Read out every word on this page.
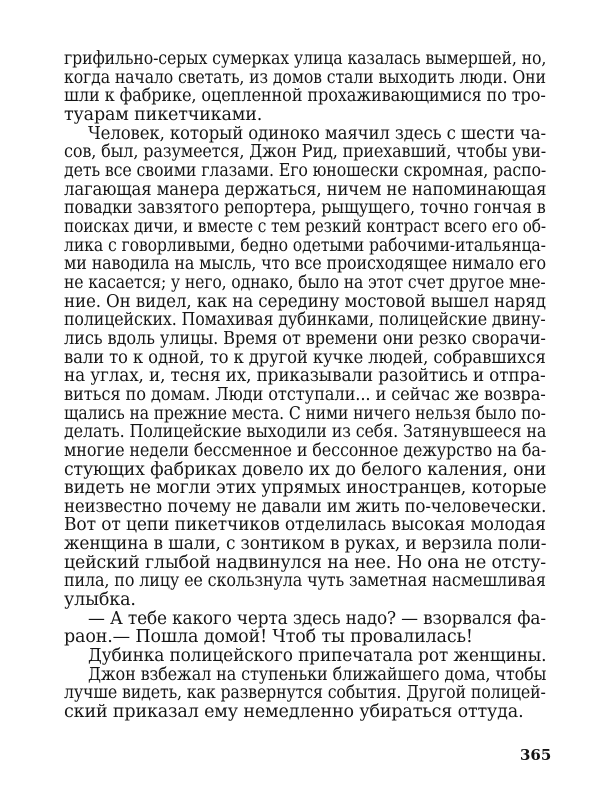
грифильно-серых сумерках улица казалась вымершей, но,
когда начало светать, из домов стали выходить люди. Они
шли к фабрике, оцепленной прохаживающимися по тро-
туарам пикетчиками.
Человек, который одиноко маячил здесь с шести ча-
сов, был, разумеется, Джон Рид, приехавший, чтобы уви-
деть все своими глазами. Его юношески скромная, распо-
лагающая манера держаться, ничем не напоминающая
повадки завзятого репортера, рыщущего, точно гончая в
поисках дичи, и вместе с тем резкий контраст всего его об-
лика с говорливыми, бедно одетыми рабочими-итальянца-
ми наводила на мысль, что все происходящее нимало его
не касается; у него, однако, было на этот счет другое мне-
ние. Он видел, как на середину мостовой вышел наряд
полицейских. Помахивая дубинками, полицейские двину-
лись вдоль улицы. Время от времени они резко сворачи-
вали то к одной, то к другой кучке людей, собравшихся
на углах, и, тесня их, приказывали разойтись и отпра-
виться по домам. Люди отступали... и сейчас же возвра-
щались на прежние места. С ними ничего нельзя было по-
делать. Полицейские выходили из себя. Затянувшееся на
многие недели бессменное и бессонное дежурство на ба-
стующих фабриках довело их до белого каления, они
видеть не могли этих упрямых иностранцев, которые
неизвестно почему не давали им жить по-человечески.
Вот от цепи пикетчиков отделилась высокая молодая
женщина в шали, с зонтиком в руках, и верзила поли-
цейский глыбой надвинулся на нее. Но она не отсту-
пила, по лицу ее скользнула чуть заметная насмешливая
улыбка.
— А тебе какого черта здесь надо? — взорвался фа-
раон.— Пошла домой! Чтоб ты провалилась!
Дубинка полицейского припечатала рот женщины.
Джон взбежал на ступеньки ближайшего дома, чтобы
лучше видеть, как развернутся события. Другой полицей-
ский приказал ему немедленно убираться оттуда.
365
